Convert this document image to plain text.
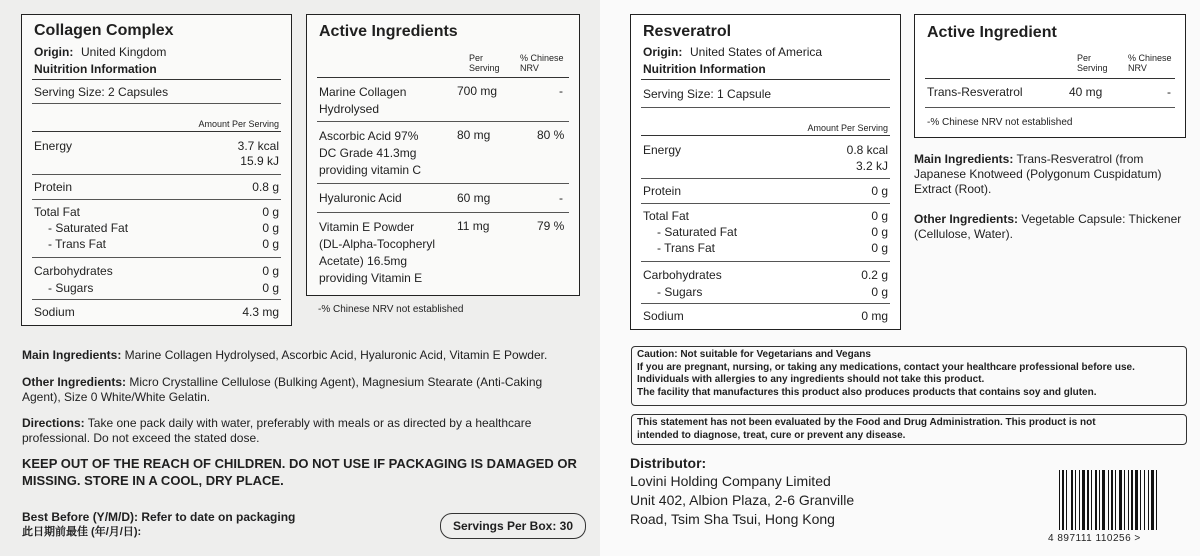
Collagen Complex
Origin: United Kingdom
Nuitrition Information
Serving Size: 2 Capsules
Amount Per Serving
Energy	3.7 kcal
15.9 kJ
Protein	0.8 g
Total Fat	0 g
- Saturated Fat	0 g
- Trans Fat	0 g
Carbohydrates	0 g
- Sugars	0 g
Sodium	4.3 mg
Active Ingredients
Per
Serving
% Chinese
NRV
Marine Collagen
Hydrolysed
700 mg	-
Ascorbic Acid 97%
DC Grade 41.3mg
providing vitamin C
80 mg	80 %
Hyaluronic Acid	60 mg	-
Vitamin E Powder
(DL-Alpha-Tocopheryl
Acetate) 16.5mg
providing Vitamin E
11 mg	79 %
-% Chinese NRV not established
Main Ingredients: Marine Collagen Hydrolysed, Ascorbic Acid, Hyaluronic Acid, Vitamin E Powder.
Other Ingredients: Micro Crystalline Cellulose (Bulking Agent), Magnesium Stearate (Anti-Caking Agent), Size 0 White/White Gelatin.
Directions: Take one pack daily with water, preferably with meals or as directed by a healthcare professional. Do not exceed the stated dose.
KEEP OUT OF THE REACH OF CHILDREN. DO NOT USE IF PACKAGING IS DAMAGED OR MISSING. STORE IN A COOL, DRY PLACE.
Best Before (Y/M/D): Refer to date on packaging
此日期前最佳 (年/月/日):	Servings Per Box: 30
Resveratrol
Origin: United States of America
Nuitrition Information
Serving Size: 1 Capsule
Amount Per Serving
Energy	0.8 kcal
3.2 kJ
Protein	0 g
Total Fat	0 g
- Saturated Fat	0 g
- Trans Fat	0 g
Carbohydrates	0.2 g
- Sugars	0 g
Sodium	0 mg
Active Ingredient
Per
Serving
% Chinese
NRV
Trans-Resveratrol	40 mg	-
-% Chinese NRV not established
Main Ingredients: Trans-Resveratrol (from Japanese Knotweed (Polygonum Cuspidatum) Extract (Root).
Other Ingredients: Vegetable Capsule: Thickener (Cellulose, Water).
Caution: Not suitable for Vegetarians and Vegans
If you are pregnant, nursing, or taking any medications, contact your healthcare professional before use.
Individuals with allergies to any ingredients should not take this product.
The facility that manufactures this product also produces products that contains soy and gluten.
This statement has not been evaluated by the Food and Drug Administration. This product is not
intended to diagnose, treat, cure or prevent any disease.
Distributor:
Lovini Holding Company Limited
Unit 402, Albion Plaza, 2-6 Granville
Road, Tsim Sha Tsui, Hong Kong
4 897111 110256 >
